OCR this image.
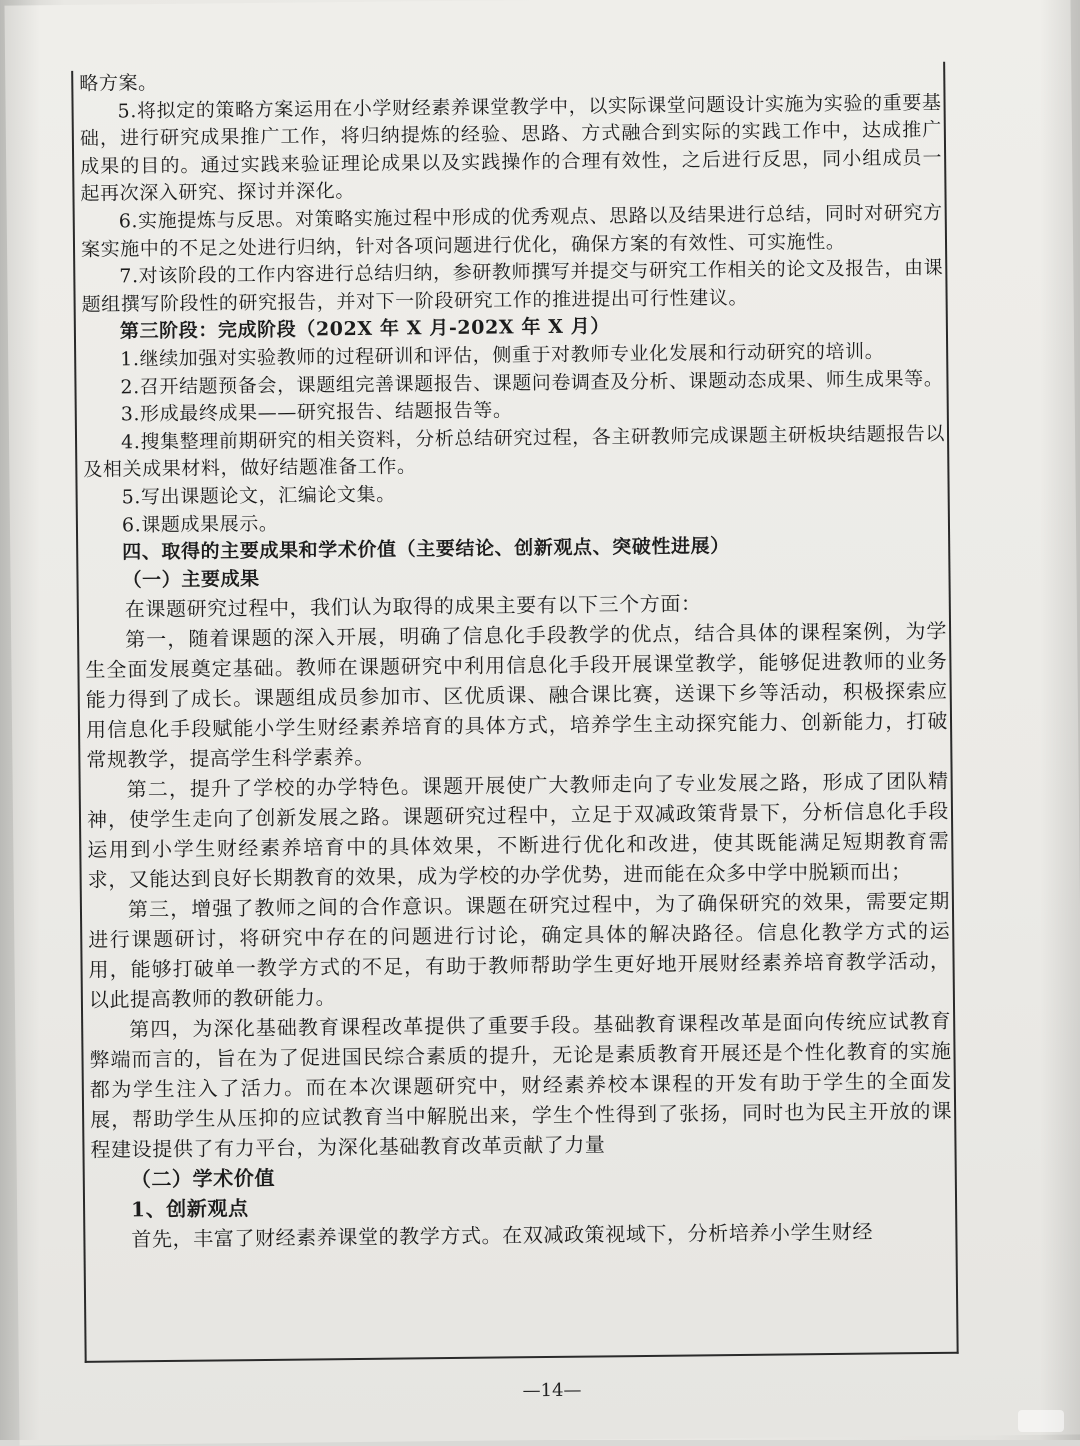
略方案。

5.将拟定的策略方案运用在小学财经素养课堂教学中，以实际课堂问题设计实施为实验的重要基础，进行研究成果推广工作，将归纳提炼的经验、思路、方式融合到实际的实践工作中，达成推广成果的目的。通过实践来验证理论成果以及实践操作的合理有效性，之后进行反思，同小组成员一起再次深入研究、探讨并深化。

6.实施提炼与反思。对策略实施过程中形成的优秀观点、思路以及结果进行总结，同时对研究方案实施中的不足之处进行归纳，针对各项问题进行优化，确保方案的有效性、可实施性。

7.对该阶段的工作内容进行总结归纳，参研教师撰写并提交与研究工作相关的论文及报告，由课题组撰写阶段性的研究报告，并对下一阶段研究工作的推进提出可行性建议。

第三阶段：完成阶段（202X 年 X 月-202X 年 X 月）

1.继续加强对实验教师的过程研训和评估，侧重于对教师专业化发展和行动研究的培训。

2.召开结题预备会，课题组完善课题报告、课题问卷调查及分析、课题动态成果、师生成果等。

3.形成最终成果——研究报告、结题报告等。

4.搜集整理前期研究的相关资料，分析总结研究过程，各主研教师完成课题主研板块结题报告以及相关成果材料，做好结题准备工作。

5.写出课题论文，汇编论文集。

6.课题成果展示。

四、取得的主要成果和学术价值（主要结论、创新观点、突破性进展）

（一）主要成果

在课题研究过程中，我们认为取得的成果主要有以下三个方面：

第一，随着课题的深入开展，明确了信息化手段教学的优点，结合具体的课程案例，为学生全面发展奠定基础。教师在课题研究中利用信息化手段开展课堂教学，能够促进教师的业务能力得到了成长。课题组成员参加市、区优质课、融合课比赛，送课下乡等活动，积极探索应用信息化手段赋能小学生财经素养培育的具体方式，培养学生主动探究能力、创新能力，打破常规教学，提高学生科学素养。

第二，提升了学校的办学特色。课题开展使广大教师走向了专业发展之路，形成了团队精神，使学生走向了创新发展之路。课题研究过程中，立足于双减政策背景下，分析信息化手段运用到小学生财经素养培育中的具体效果，不断进行优化和改进，使其既能满足短期教育需求，又能达到良好长期教育的效果，成为学校的办学优势，进而能在众多中学中脱颖而出；

第三，增强了教师之间的合作意识。课题在研究过程中，为了确保研究的效果，需要定期进行课题研讨，将研究中存在的问题进行讨论，确定具体的解决路径。信息化教学方式的运用，能够打破单一教学方式的不足，有助于教师帮助学生更好地开展财经素养培育教学活动，以此提高教师的教研能力。

第四，为深化基础教育课程改革提供了重要手段。基础教育课程改革是面向传统应试教育弊端而言的，旨在为了促进国民综合素质的提升，无论是素质教育开展还是个性化教育的实施都为学生注入了活力。而在本次课题研究中，财经素养校本课程的开发有助于学生的全面发展，帮助学生从压抑的应试教育当中解脱出来，学生个性得到了张扬，同时也为民主开放的课程建设提供了有力平台，为深化基础教育改革贡献了力量

（二）学术价值

1、创新观点

首先，丰富了财经素养课堂的教学方式。在双减政策视域下，分析培养小学生财经

—14—
